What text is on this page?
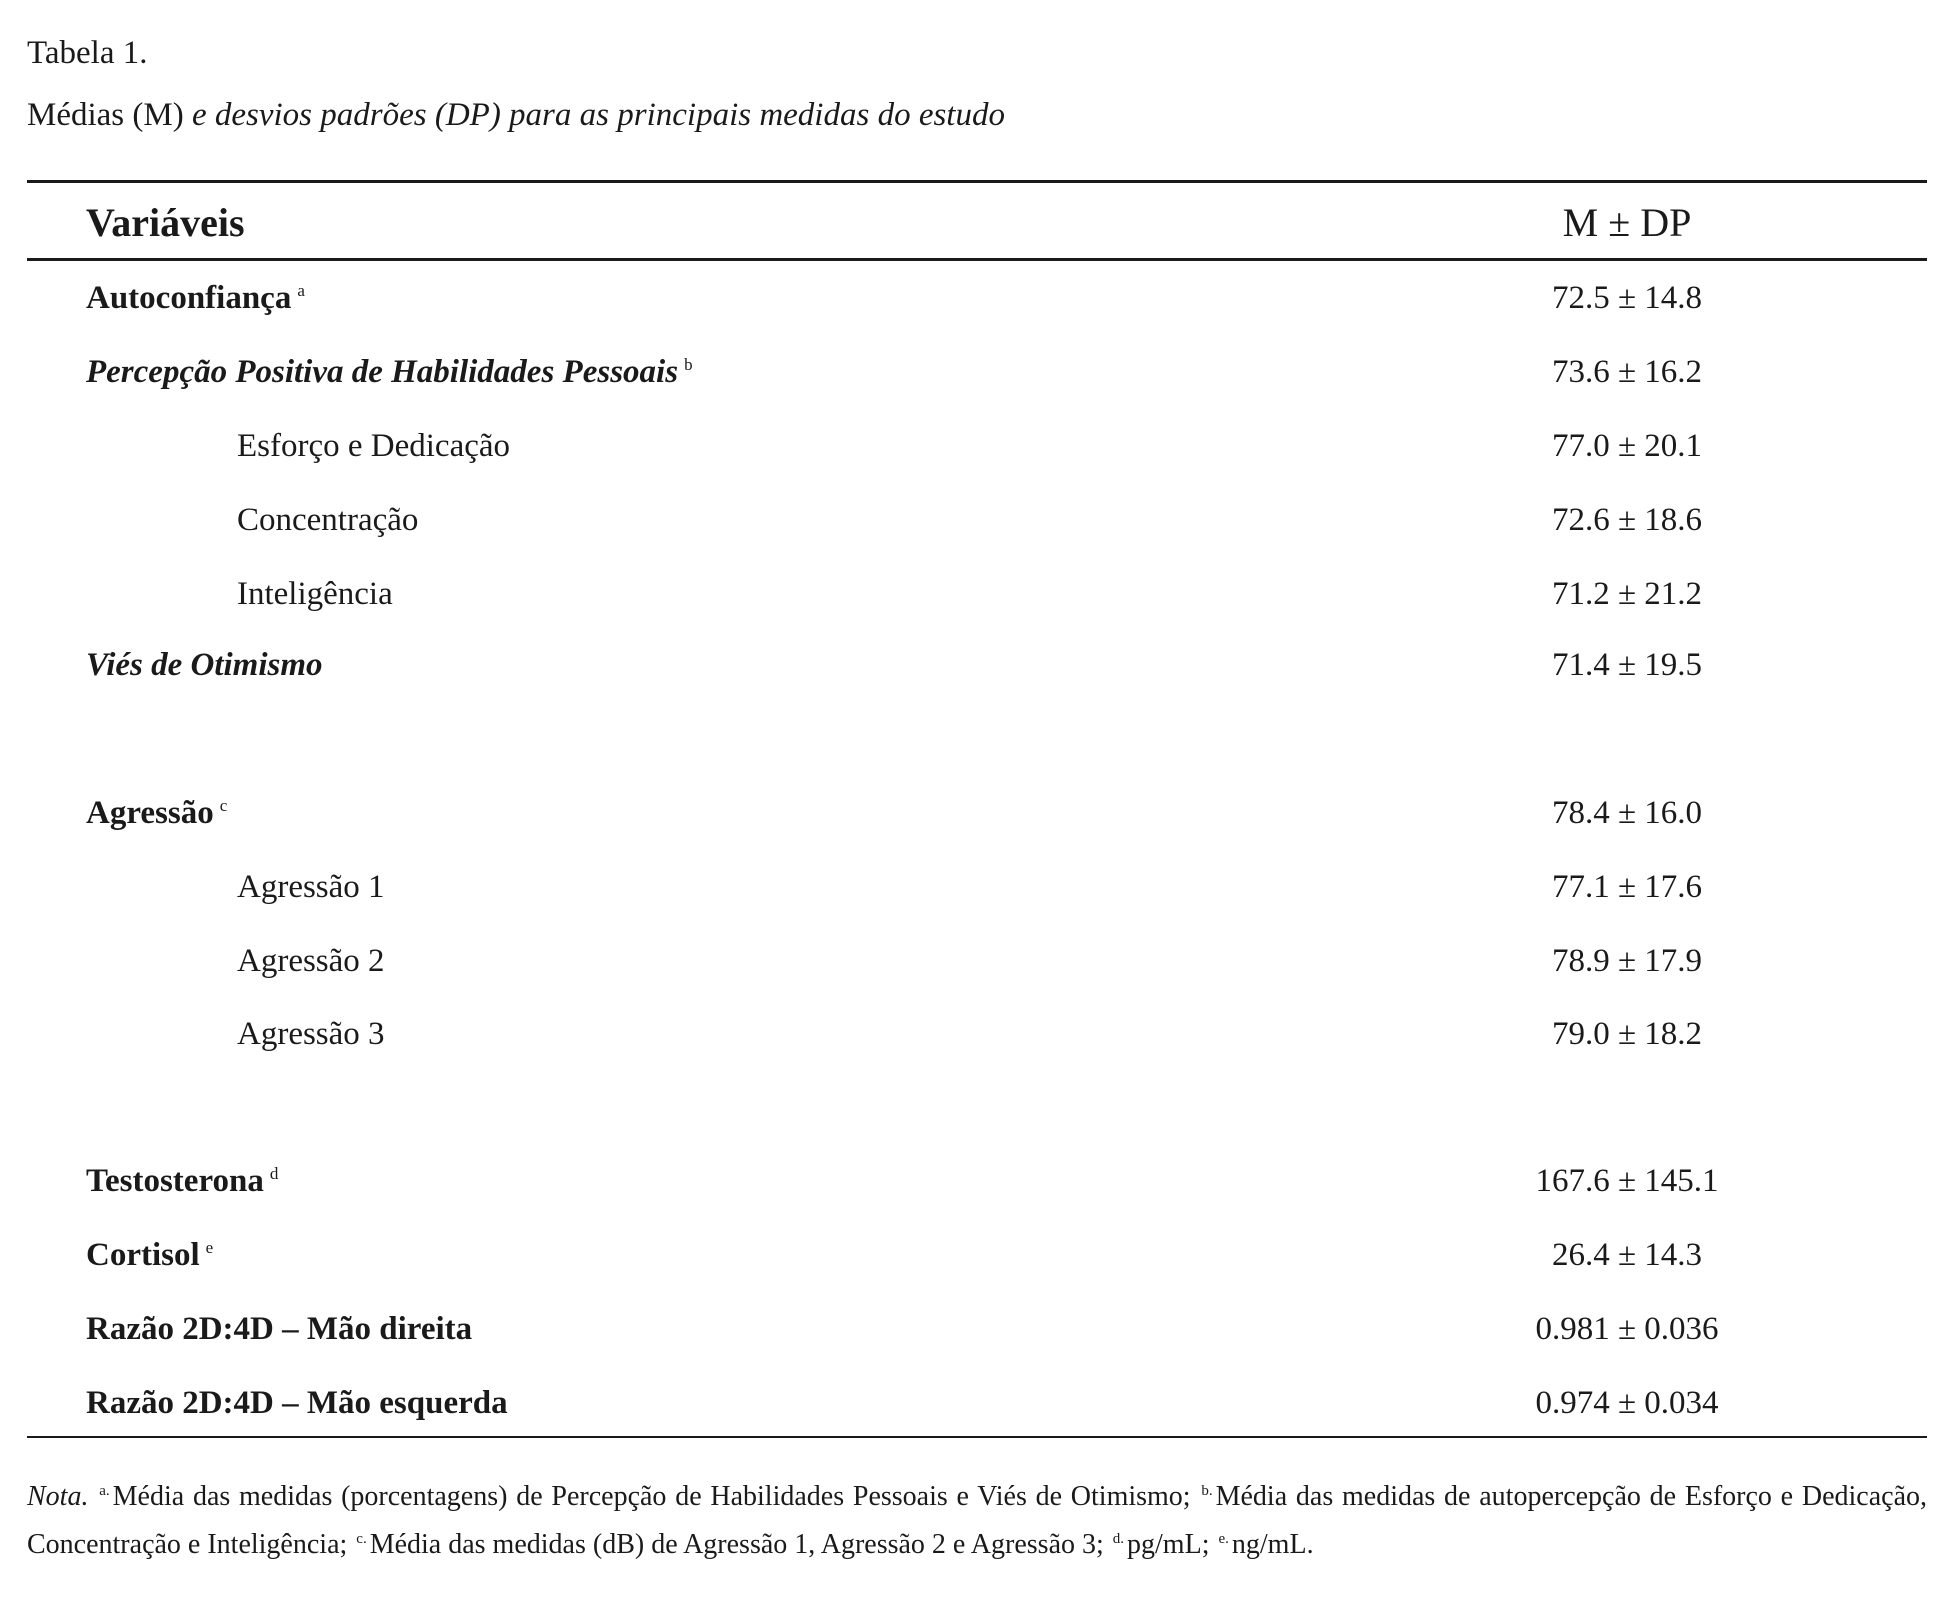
Tabela 1.
Médias (M) e desvios padrões (DP) para as principais medidas do estudo
Variáveis	M ± DP
Autoconfiança $^a$	72.5 ± 14.8
Percepção Positiva de Habilidades Pessoais $^b$	73.6 ± 16.2
Esforço e Dedicação	77.0 ± 20.1
Concentração	72.6 ± 18.6
Inteligência	71.2 ± 21.2
Viés de Otimismo	71.4 ± 19.5
Agressão $^c$	78.4 ± 16.0
Agressão 1	77.1 ± 17.6
Agressão 2	78.9 ± 17.9
Agressão 3	79.0 ± 18.2
Testosterona $^d$	167.6 ± 145.1
Cortisol $^e$	26.4 ± 14.3
Razão 2D:4D – Mão direita	0.981 ± 0.036
Razão 2D:4D – Mão esquerda	0.974 ± 0.034
Nota. $^{a.}$ Média das medidas (porcentagens) de Percepção de Habilidades Pessoais e Viés de Otimismo; $^{b.}$ Média das medidas de autopercepção de Esforço e Dedicação, Concentração e Inteligência; $^{c.}$ Média das medidas (dB) de Agressão 1, Agressão 2 e Agressão 3; $^{d.}$ pg/mL; $^{e.}$ ng/mL.
